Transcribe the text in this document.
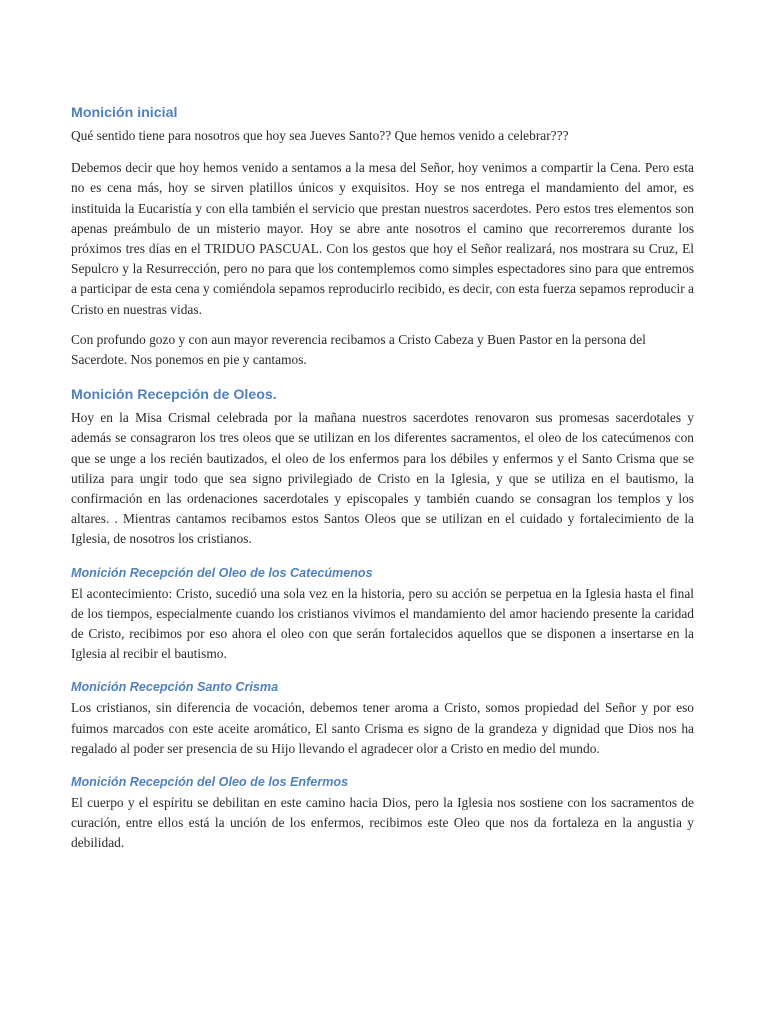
Monición inicial

Qué sentido tiene para nosotros que hoy sea Jueves Santo?? Que hemos venido a celebrar???

Debemos decir que hoy hemos venido a sentamos a la mesa del Señor, hoy venimos a compartir la Cena. Pero esta no es cena más, hoy se sirven platillos únicos y exquisitos. Hoy se nos entrega el mandamiento del amor, es instituida la Eucaristía y con ella también el servicio que prestan nuestros sacerdotes. Pero estos tres elementos son apenas preámbulo de un misterio mayor. Hoy se abre ante nosotros el camino que recorreremos durante los próximos tres días en el TRIDUO PASCUAL. Con los gestos que hoy el Señor realizará, nos mostrara su Cruz, El Sepulcro y la Resurrección, pero no para que los contemplemos como simples espectadores sino para que entremos a participar de esta cena y comiéndola sepamos reproducirlo recibido, es decir, con esta fuerza sepamos reproducir a Cristo en nuestras vidas.

Con profundo gozo y con aun mayor reverencia recibamos a Cristo Cabeza y Buen Pastor en la persona del Sacerdote. Nos ponemos en pie y cantamos.

Monición Recepción de Oleos.

Hoy en la Misa Crismal celebrada por la mañana nuestros sacerdotes renovaron sus promesas sacerdotales y además se consagraron los tres oleos que se utilizan en los diferentes sacramentos, el oleo de los catecúmenos con que se unge a los recién bautizados, el oleo de los enfermos para los débiles y enfermos y el Santo Crisma que se utiliza para ungir todo que sea signo privilegiado de Cristo en la Iglesia, y que se utiliza en el bautismo, la confirmación en las ordenaciones sacerdotales y episcopales y también cuando se consagran los templos y los altares. . Mientras cantamos recibamos estos Santos Oleos que se utilizan en el cuidado y fortalecimiento de la Iglesia, de nosotros los cristianos.

Monición Recepción del Oleo de los Catecúmenos

El acontecimiento: Cristo, sucedió una sola vez en la historia, pero su acción se perpetua en la Iglesia hasta el final de los tiempos, especialmente cuando los cristianos vivimos el mandamiento del amor haciendo presente la caridad de Cristo, recibimos por eso ahora el oleo con que serán fortalecidos aquellos que se disponen a insertarse en la Iglesia al recibir el bautismo.

Monición Recepción Santo Crisma

Los cristianos, sin diferencia de vocación, debemos tener aroma a Cristo, somos propiedad del Señor y por eso fuimos marcados con este aceite aromático, El santo Crisma es signo de la grandeza y dignidad que Dios nos ha regalado al poder ser presencia de su Hijo llevando el agradecer olor a Cristo en medio del mundo.

Monición Recepción del Oleo de los Enfermos

El cuerpo y el espíritu se debilitan en este camino hacia Dios, pero la Iglesia nos sostiene con los sacramentos de curación, entre ellos está la unción de los enfermos, recibimos este Oleo que nos da fortaleza en la angustia y debilidad.
